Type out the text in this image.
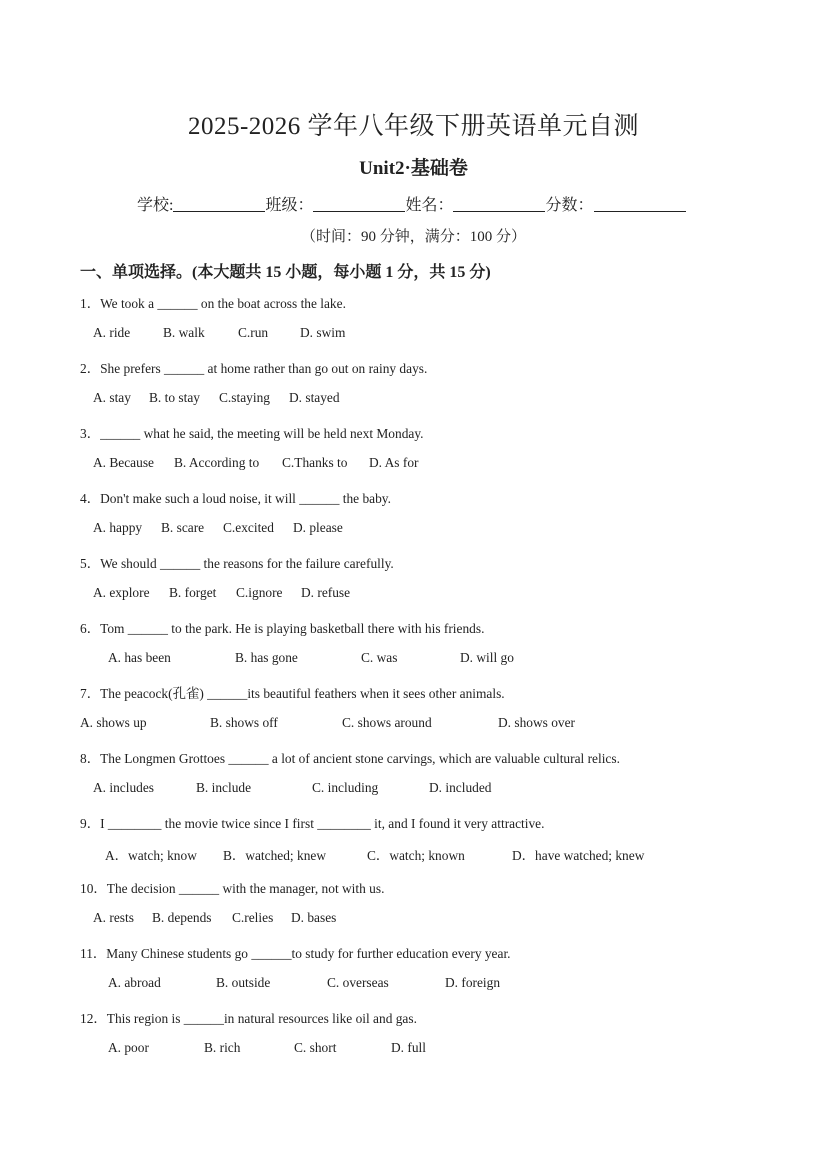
2025-2026 学年八年级下册英语单元自测
Unit2·基础卷
学校:	班级：	姓名：	分数：
（时间：90 分钟，满分：100 分）
一、单项选择。(本大题共 15 小题，每小题 1 分，共 15 分)
1．We took a ______ on the boat across the lake.
A. ride B. walk C.run D. swim
2．She prefers ______ at home rather than go out on rainy days.
A. stay B. to stay C.staying D. stayed
3．______ what he said, the meeting will be held next Monday.
A. Because B. According to C.Thanks to D. As for
4．Don't make such a loud noise, it will ______ the baby.
A. happy B. scare C.excited D. please
5．We should ______ the reasons for the failure carefully.
A. explore B. forget C.ignore D. refuse
6．Tom ______ to the park. He is playing basketball there with his friends.
A. has been	B. has gone	C. was	D. will go
7．The peacock(孔雀) ______its beautiful feathers when it sees other animals.
A. shows up	B. shows off	C. shows around	D. shows over
8．The Longmen Grottoes ______ a lot of ancient stone carvings, which are valuable cultural relics.
A. includes	B. include	C. including	D. included
9．I ________ the movie twice since I first ________ it, and I found it very attractive.
A．watch; know B．watched; knew	C．watch; known	D．have watched; knew
10．The decision ______ with the manager, not with us.
A. rests B. depends C.relies D. bases
11．Many Chinese students go ______to study for further education every year.
A. abroad	B. outside	C. overseas	D. foreign
12．This region is ______in natural resources like oil and gas.
A. poor	B. rich	C. short	D. full
